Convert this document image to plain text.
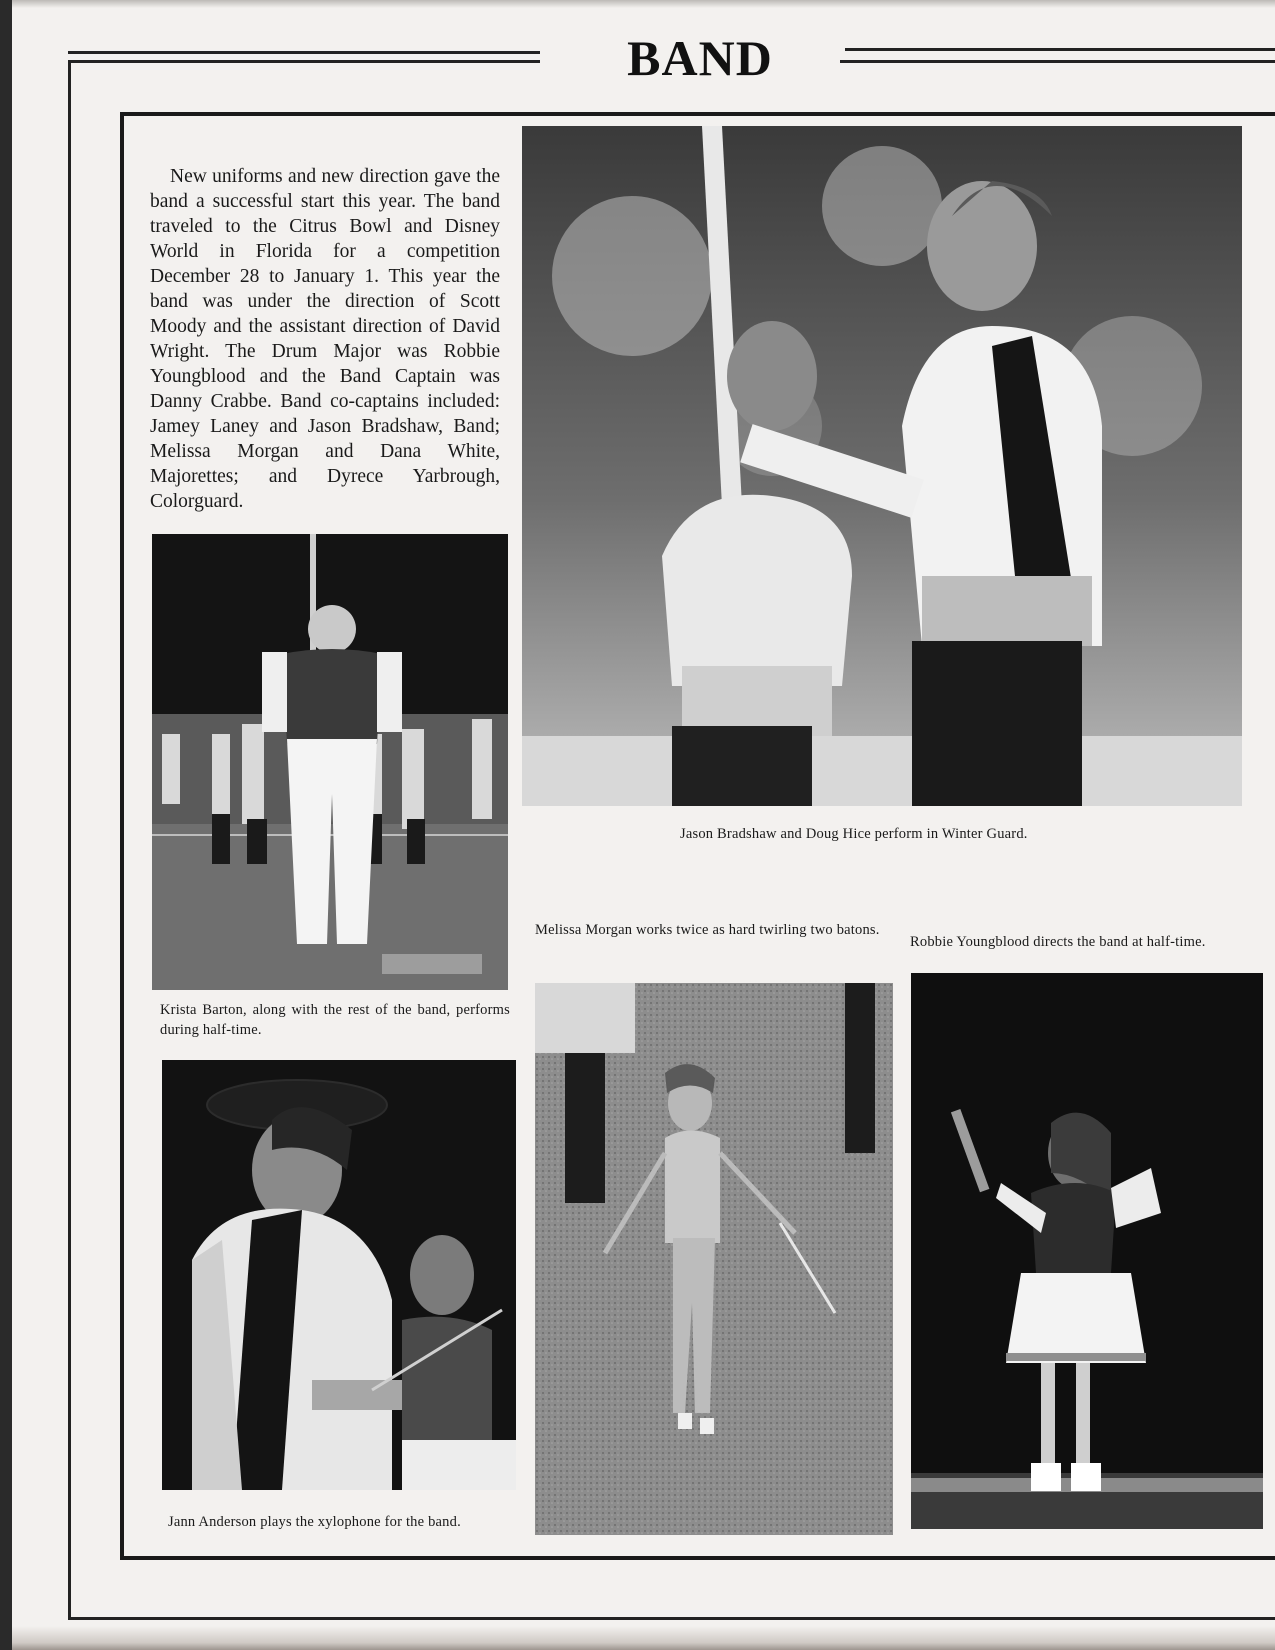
BAND

New uniforms and new direction gave the band a successful start this year. The band traveled to the Citrus Bowl and Disney World in Florida for a competition December 28 to January 1. This year the band was under the direction of Scott Moody and the assistant direction of David Wright. The Drum Major was Robbie Youngblood and the Band Captain was Danny Crabbe. Band co-captains included: Jamey Laney and Jason Bradshaw, Band; Melissa Morgan and Dana White, Majorettes; and Dyrece Yarbrough, Colorguard.

Jason Bradshaw and Doug Hice perform in Winter Guard.
Krista Barton, along with the rest of the band, performs during half-time.
Jann Anderson plays the xylophone for the band.
Melissa Morgan works twice as hard twirling two batons.
Robbie Youngblood directs the band at half-time.
